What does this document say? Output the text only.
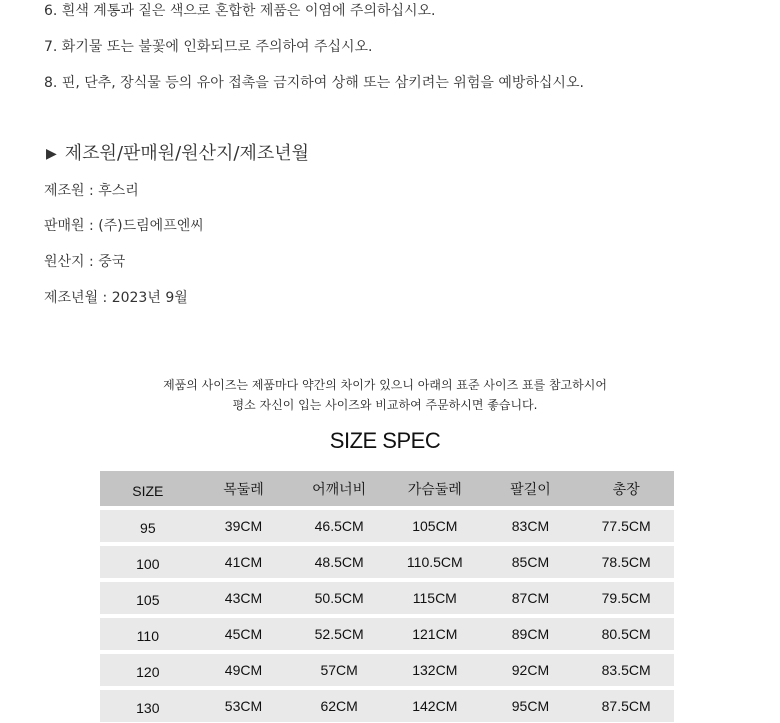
6. 흰색 계통과 짙은 색으로 혼합한 제품은 이염에 주의하십시오.
7. 화기물 또는 불꽃에 인화되므로 주의하여 주십시오.
8. 핀, 단추, 장식물 등의 유아 접촉을 금지하여 상해 또는 삼키려는 위험을 예방하십시오.
▶ 제조원/판매원/원산지/제조년월
제조원 : 후스리
판매원 : (주)드림에프엔씨
원산지 : 중국
제조년월 : 2023년 9월
제품의 사이즈는 제품마다 약간의 차이가 있으니 아래의 표준 사이즈 표를 참고하시어
평소 자신이 입는 사이즈와 비교하여 주문하시면 좋습니다.
SIZE SPEC
SIZE	목둘레	어깨너비	가슴둘레	팔길이	총장
95	39CM	46.5CM	105CM	83CM	77.5CM
100	41CM	48.5CM	110.5CM	85CM	78.5CM
105	43CM	50.5CM	115CM	87CM	79.5CM
110	45CM	52.5CM	121CM	89CM	80.5CM
120	49CM	57CM	132CM	92CM	83.5CM
130	53CM	62CM	142CM	95CM	87.5CM
